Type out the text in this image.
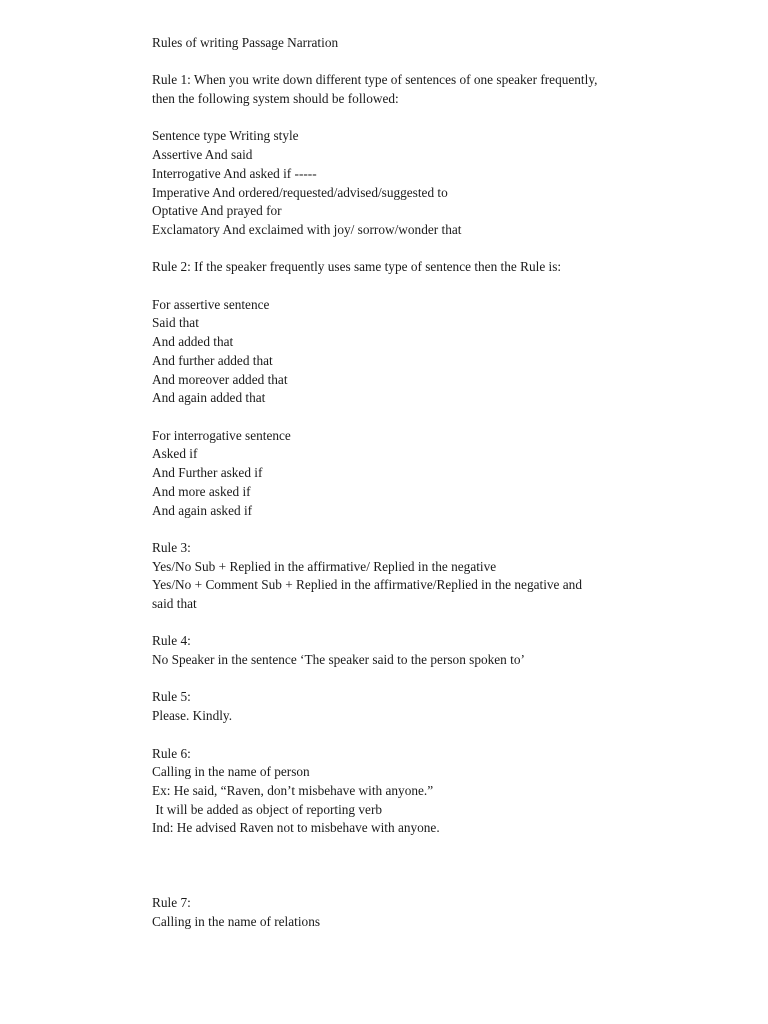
Rules of writing Passage Narration
Rule 1: When you write down different type of sentences of one speaker frequently,
then the following system should be followed:
Sentence type Writing style
Assertive And said
Interrogative And asked if -----
Imperative And ordered/requested/advised/suggested to
Optative And prayed for
Exclamatory And exclaimed with joy/ sorrow/wonder that
Rule 2: If the speaker frequently uses same type of sentence then the Rule is:
For assertive sentence
Said that
And added that
And further added that
And moreover added that
And again added that
For interrogative sentence
Asked if
And Further asked if
And more asked if
And again asked if
Rule 3:
Yes/No Sub + Replied in the affirmative/ Replied in the negative
Yes/No + Comment Sub + Replied in the affirmative/Replied in the negative and
said that
Rule 4:
No Speaker in the sentence ‘The speaker said to the person spoken to’
Rule 5:
Please. Kindly.
Rule 6:
Calling in the name of person
Ex: He said, “Raven, don’t misbehave with anyone.”
It will be added as object of reporting verb
Ind: He advised Raven not to misbehave with anyone.
Rule 7:
Calling in the name of relations
